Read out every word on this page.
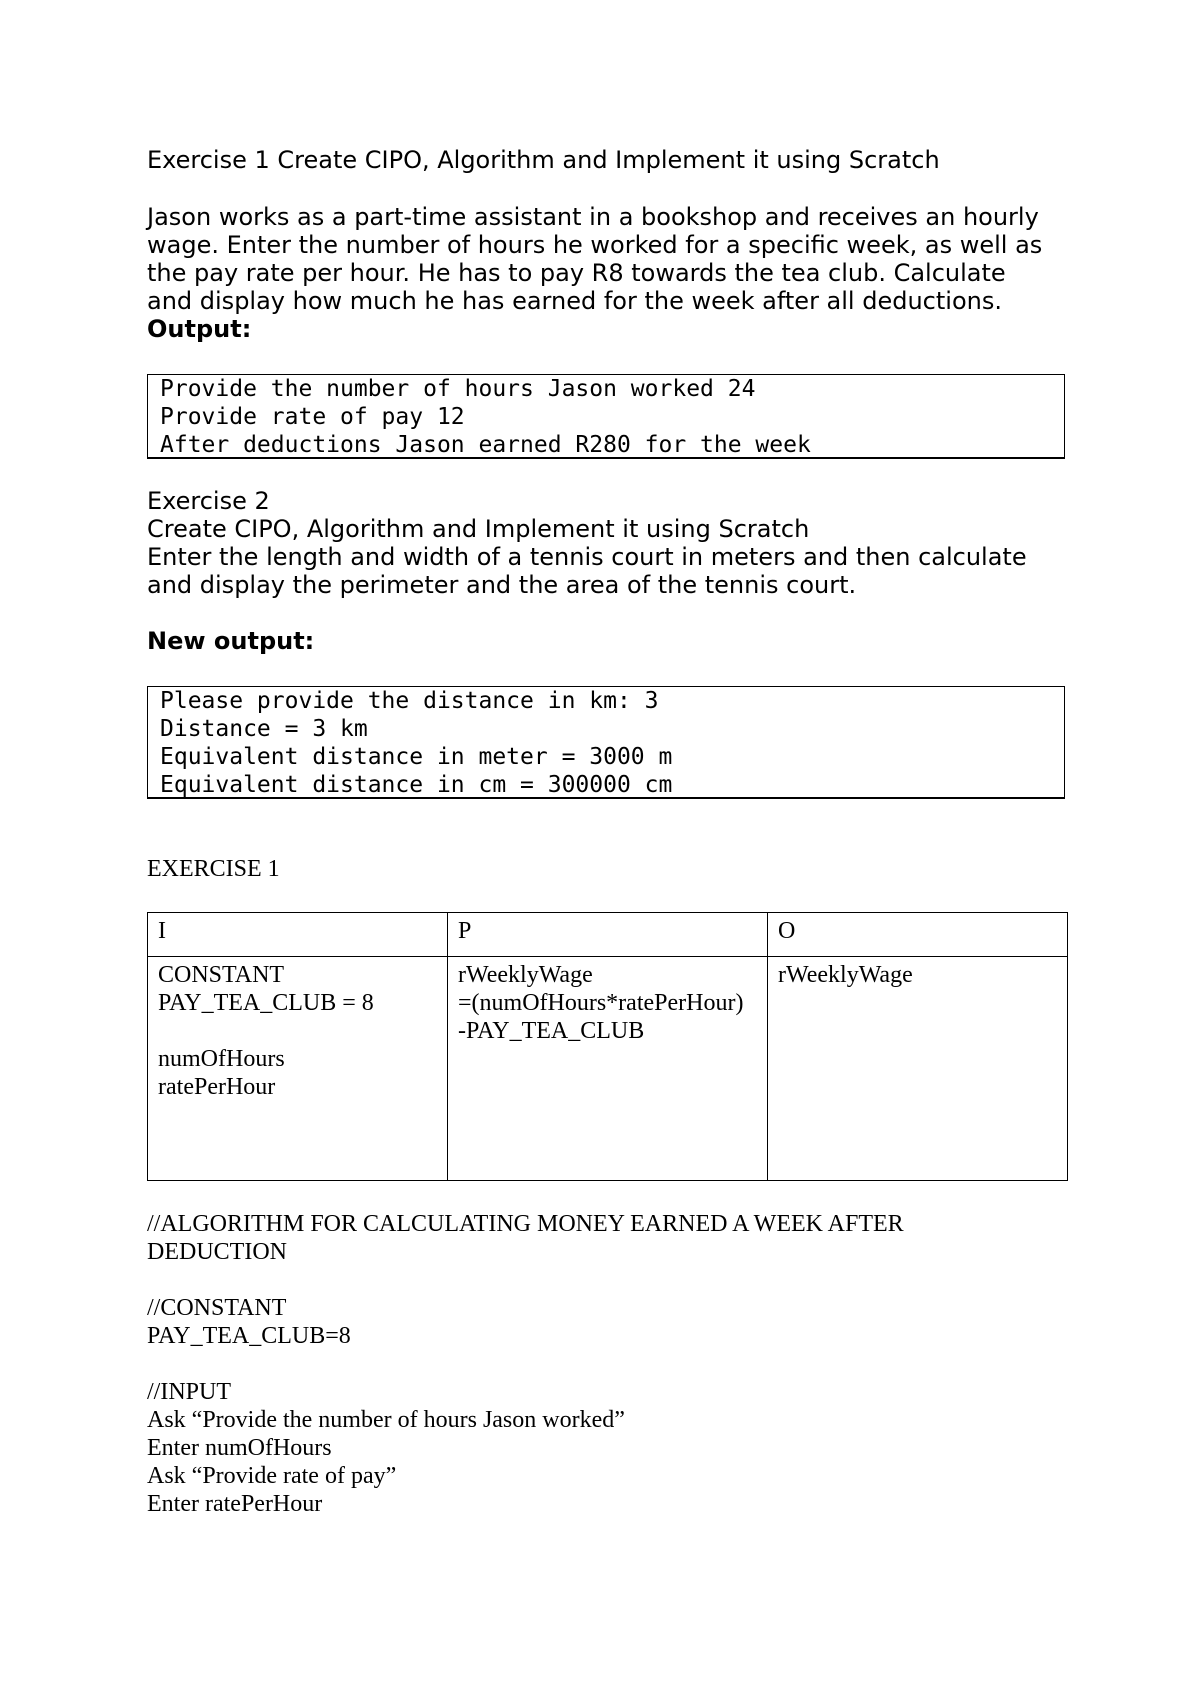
Exercise 1 Create CIPO, Algorithm and Implement it using Scratch
Jason works as a part-time assistant in a bookshop and receives an hourly
wage. Enter the number of hours he worked for a specific week, as well as
the pay rate per hour. He has to pay R8 towards the tea club. Calculate
and display how much he has earned for the week after all deductions.
Output:
Provide the number of hours Jason worked 24
Provide rate of pay 12
After deductions Jason earned R280 for the week
Exercise 2
Create CIPO, Algorithm and Implement it using Scratch
Enter the length and width of a tennis court in meters and then calculate
and display the perimeter and the area of the tennis court.
New output:
Please provide the distance in km: 3
Distance = 3 km
Equivalent distance in meter = 3000 m
Equivalent distance in cm = 300000 cm
EXERCISE 1
I	P	O

CONSTANT
PAY_TEA_CLUB = 8
numOfHours
ratePerHour	rWeeklyWage
=(numOfHours*ratePerHour)
-PAY_TEA_CLUB	rWeeklyWage
//ALGORITHM FOR CALCULATING MONEY EARNED A WEEK AFTER
DEDUCTION
//CONSTANT
PAY_TEA_CLUB=8
//INPUT
Ask “Provide the number of hours Jason worked”
Enter numOfHours
Ask “Provide rate of pay”
Enter ratePerHour
